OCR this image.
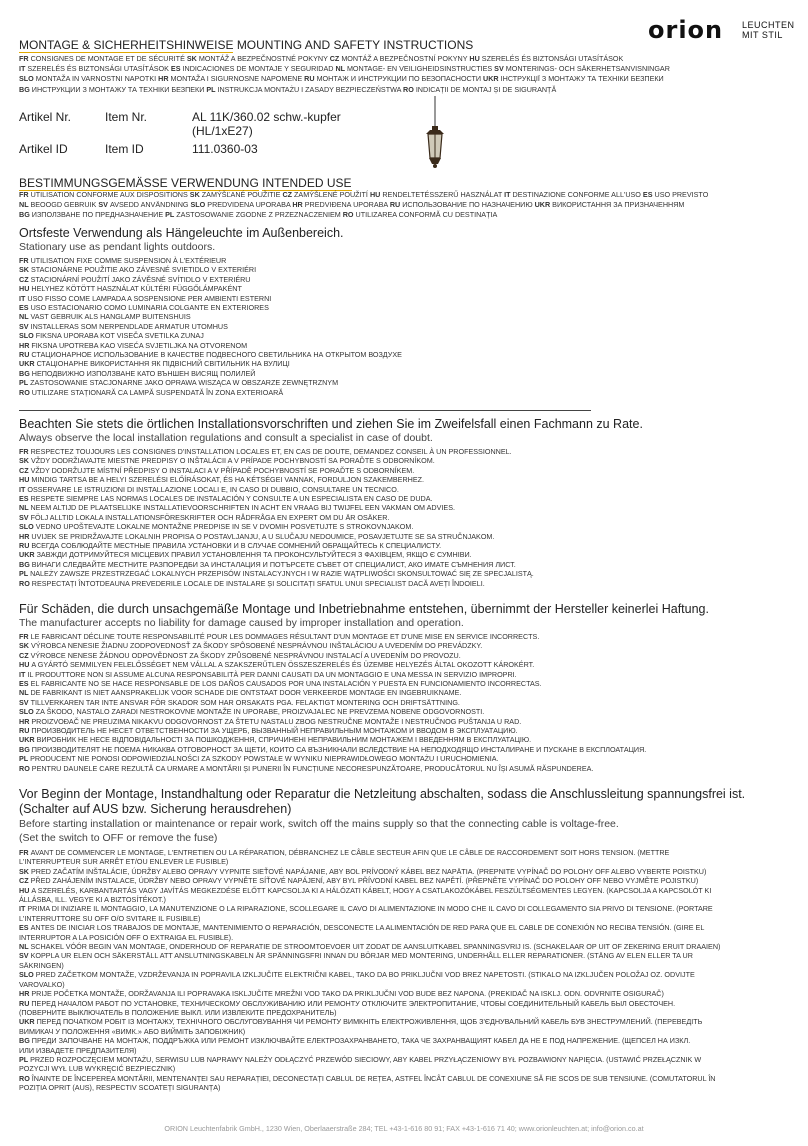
orion LEUCHTEN
MIT STIL
MONTAGE & SICHERHEITSHINWEISE MOUNTING AND SAFETY INSTRUCTIONS
FR CONSIGNES DE MONTAGE ET DE SÉCURITÉ SK MONTÁŽ A BEZPEČNOSTNÉ POKYNY CZ MONTÁŽ A BEZPEČNOSTNÍ POKYNY HU SZERELÉS ÉS BIZTONSÁGI UTASÍTÁSOK
IT SZERELÉS ÉS BIZTONSÁGI UTASÍTÁSOK ES INDICACIONES DE MONTAJE Y SEGURIDAD NL MONTAGE- EN VEILIGHEIDSINSTRUCTIES SV MONTERINGS- OCH SÄKERHETSANVISNINGAR
SLO MONTAŽA IN VARNOSTNI NAPOTKI HR MONTAŽA I SIGURNOSNE NAPOMENE RU МОНТАЖ И ИНСТРУКЦИИ ПО БЕЗОПАСНОСТИ UKR ІНСТРУКЦІЇ З МОНТАЖУ ТА ТЕХНІКИ БЕЗПЕКИ
BG ИНСТРУКЦИИ З МОНТАЖУ ТА ТЕХНІКИ БЕЗПЕКИ PL INSTRUKCJA MONTAŻU I ZASADY BEZPIECZEŃSTWA RO INDICAȚII DE MONTAJ ȘI DE SIGURANȚĂ
Artikel Nr.	Item Nr.	AL 11K/360.02 schw.-kupfer
(HL/1xE27)
Artikel ID	Item ID	111.0360-03
BESTIMMUNGSGEMÄSSE VERWENDUNG INTENDED USE
FR UTILISATION CONFORME AUX DISPOSITIONS SK ZAMÝŠĽANÉ POUŽITIE CZ ZAMÝŠLENÉ POUŽITÍ HU RENDELTETÉSSZERŰ HASZNÁLAT IT DESTINAZIONE CONFORME ALL'USO ES USO PREVISTO
NL BEOOGD GEBRUIK SV AVSEDD ANVÄNDNING SLO PREDVIDENA UPORABA HR PREDVIĐENA UPORABA RU ИСПОЛЬЗОВАНИЕ ПО НАЗНАЧЕНИЮ UKR ВИКОРИСТАННЯ ЗА ПРИЗНАЧЕННЯМ
BG ИЗПОЛЗВАНЕ ПО ПРЕДНАЗНАЧЕНИЕ PL ZASTOSOWANIE ZGODNE Z PRZEZNACZENIEM RO UTILIZAREA CONFORMĂ CU DESTINAȚIA
Ortsfeste Verwendung als Hängeleuchte im Außenbereich.
Stationary use as pendant lights outdoors.
FR UTILISATION FIXE COMME SUSPENSION À L'EXTÉRIEUR
SK STACIONÁRNE POUŽITIE AKO ZÁVESNÉ SVIETIDLO V EXTERIÉRI
CZ STACIONÁRNÍ POUŽITÍ JAKO ZÁVĚSNÉ SVÍTIDLO V EXTERIÉRU
HU HELYHEZ KÖTÖTT HASZNÁLAT KÜLTÉRI FÜGGŐLÁMPAKÉNT
IT USO FISSO COME LAMPADA A SOSPENSIONE PER AMBIENTI ESTERNI
ES USO ESTACIONARIO COMO LUMINARIA COLGANTE EN EXTERIORES
NL VAST GEBRUIK ALS HANGLAMP BUITENSHUIS
SV INSTALLERAS SOM NERPENDLADE ARMATUR UTOMHUS
SLO FIKSNA UPORABA KOT VISEČA SVETILKA ZUNAJ
HR FIKSNA UPOTREBA KAO VISEĆA SVJETILJKA NA OTVORENOM
RU СТАЦИОНАРНОЕ ИСПОЛЬЗОВАНИЕ В КАЧЕСТВЕ ПОДВЕСНОГО СВЕТИЛЬНИКА НА ОТКРЫТОМ ВОЗДУХЕ
UKR СТАЦІОНАРНЕ ВИКОРИСТАННЯ ЯК ПІДВІСНИЙ СВІТИЛЬНИК НА ВУЛИЦІ
BG НЕПОДВИЖНО ИЗПОЛЗВАНЕ КАТО ВЪНШЕН ВИСЯЩ ПОЛИЛЕЙ
PL ZASTOSOWANIE STACJONARNE JAKO OPRAWA WISZĄCA W OBSZARZE ZEWNĘTRZNYM
RO UTILIZARE STAȚIONARĂ CA LAMPĂ SUSPENDATĂ ÎN ZONA EXTERIOARĂ
Beachten Sie stets die örtlichen Installationsvorschriften und ziehen Sie im Zweifelsfall einen Fachmann zu Rate.
Always observe the local installation regulations and consult a specialist in case of doubt.
FR RESPECTEZ TOUJOURS LES CONSIGNES D'INSTALLATION LOCALES ET, EN CAS DE DOUTE, DEMANDEZ CONSEIL À UN PROFESSIONNEL.
SK VŽDY DODRŽIAVAJTE MIESTNE PREDPISY O INŠTALÁCII A V PRÍPADE POCHYBNOSTÍ SA PORAĎTE S ODBORNÍKOM.
CZ VŽDY DODRŽUJTE MÍSTNÍ PŘEDPISY O INSTALACI A V PŘÍPADĚ POCHYBNOSTÍ SE PORAĎTE S ODBORNÍKEM.
HU MINDIG TARTSA BE A HELYI SZERELÉSI ELŐÍRÁSOKAT, ÉS HA KÉTSÉGEI VANNAK, FORDULJON SZAKEMBERHEZ.
IT OSSERVARE LE ISTRUZIONI DI INSTALLAZIONE LOCALI E, IN CASO DI DUBBIO, CONSULTARE UN TECNICO.
ES RESPETE SIEMPRE LAS NORMAS LOCALES DE INSTALACIÓN Y CONSULTE A UN ESPECIALISTA EN CASO DE DUDA.
NL NEEM ALTIJD DE PLAATSELIJKE INSTALLATIEVOORSCHRIFTEN IN ACHT EN VRAAG BIJ TWIJFEL EEN VAKMAN OM ADVIES.
SV FÖLJ ALLTID LOKALA INSTALLATIONSFÖRESKRIFTER OCH RÅDFRÅGA EN EXPERT OM DU ÄR OSÄKER.
SLO VEDNO UPOŠTEVAJTE LOKALNE MONTAŽNE PREDPISE IN SE V DVOMIH POSVETUJTE S STROKOVNJAKOM.
HR UVIJEK SE PRIDRŽAVAJTE LOKALNIH PROPISA O POSTAVLJANJU, A U SLUČAJU NEDOUMICE, POSAVJETUJTE SE SA STRUČNJAKOM.
RU ВСЕГДА СОБЛЮДАЙТЕ МЕСТНЫЕ ПРАВИЛА УСТАНОВКИ И В СЛУЧАЕ СОМНЕНИЙ ОБРАЩАЙТЕСЬ К СПЕЦИАЛИСТУ.
UKR ЗАВЖДИ ДОТРИМУЙТЕСЯ МІСЦЕВИХ ПРАВИЛ УСТАНОВЛЕННЯ ТА ПРОКОНСУЛЬТУЙТЕСЯ З ФАХІВЦЕМ, ЯКЩО Є СУМНІВИ.
BG ВИНАГИ СЛЕДВАЙТЕ МЕСТНИТЕ РАЗПОРЕДБИ ЗА ИНСТАЛАЦИЯ И ПОТЪРСЕТЕ СЪВЕТ ОТ СПЕЦИАЛИСТ, АКО ИМАТЕ СЪМНЕНИЯ ЛИСТ.
PL NALEŻY ZAWSZE PRZESTRZEGAĆ LOKALNYCH PRZEPISÓW INSTALACYJNYCH I W RAZIE WĄTPLIWOŚCI SKONSULTOWAĆ SIĘ ZE SPECJALISTĄ.
RO RESPECTAȚI ÎNTOTDEAUNA PREVEDERILE LOCALE DE INSTALARE ȘI SOLICITAȚI SFATUL UNUI SPECIALIST DACĂ AVEȚI ÎNDOIELI.
Für Schäden, die durch unsachgemäße Montage und Inbetriebnahme entstehen, übernimmt der Hersteller keinerlei Haftung.
The manufacturer accepts no liability for damage caused by improper installation and operation.
FR LE FABRICANT DÉCLINE TOUTE RESPONSABILITÉ POUR LES DOMMAGES RÉSULTANT D'UN MONTAGE ET D'UNE MISE EN SERVICE INCORRECTS.
SK VÝROBCA NENESIE ŽIADNU ZODPOVEDNOSŤ ZA ŠKODY SPÔSOBENÉ NESPRÁVNOU INŠTALÁCIOU A UVEDENÍM DO PREVÁDZKY.
CZ VÝROBCE NENESE ŽÁDNOU ODPOVĚDNOST ZA ŠKODY ZPŮSOBENÉ NESPRÁVNOU INSTALACÍ A UVEDENÍM DO PROVOZU.
HU A GYÁRTÓ SEMMILYEN FELELŐSSÉGET NEM VÁLLAL A SZAKSZERŰTLEN ÖSSZESZERELÉS ÉS ÜZEMBE HELYEZÉS ÁLTAL OKOZOTT KÁROKÉRT.
IT IL PRODUTTORE NON SI ASSUME ALCUNA RESPONSABILITÀ PER DANNI CAUSATI DA UN MONTAGGIO E UNA MESSA IN SERVIZIO IMPROPRI.
ES EL FABRICANTE NO SE HACE RESPONSABLE DE LOS DAÑOS CAUSADOS POR UNA INSTALACIÓN Y PUESTA EN FUNCIONAMIENTO INCORRECTAS.
NL DE FABRIKANT IS NIET AANSPRAKELIJK VOOR SCHADE DIE ONTSTAAT DOOR VERKEERDE MONTAGE EN INGEBRUIKNAME.
SV TILLVERKAREN TAR INTE ANSVAR FÖR SKADOR SOM HAR ORSAKATS PGA. FELAKTIGT MONTERING OCH DRIFTSÄTTNING.
SLO ZA ŠKODO, NASTALO ZARADI NESTROKOVNE MONTAŽE IN UPORABE, PROIZVAJALEC NE PREVZEMA NOBENE ODGOVORNOSTI.
HR PROIZVOĐAČ NE PREUZIMA NIKAKVU ODGOVORNOST ZA ŠTETU NASTALU ZBOG NESTRUČNE MONTAŽE I NESTRUČNOG PUŠTANJA U RAD.
RU ПРОИЗВОДИТЕЛЬ НЕ НЕСЕТ ОТВЕТСТВЕННОСТИ ЗА УЩЕРБ, ВЫЗВАННЫЙ НЕПРАВИЛЬНЫМ МОНТАЖОМ И ВВОДОМ В ЭКСПЛУАТАЦИЮ.
UKR ВИРОБНИК НЕ НЕСЕ ВІДПОВІДАЛЬНОСТІ ЗА ПОШКОДЖЕННЯ, СПРИЧИНЕНІ НЕПРАВИЛЬНИМ МОНТАЖЕМ І ВВЕДЕННЯМ В ЕКСПЛУАТАЦІЮ.
BG ПРОИЗВОДИТЕЛЯТ НЕ ПОЕМА НИКАКВА ОТГОВОРНОСТ ЗА ЩЕТИ, КОИТО СА ВЪЗНИКНАЛИ ВСЛЕДСТВИЕ НА НЕПОДХОДЯЩО ИНСТАЛИРАНЕ И ПУСКАНЕ В ЕКСПЛОАТАЦИЯ.
PL PRODUCENT NIE PONOSI ODPOWIEDZIALNOŚCI ZA SZKODY POWSTAŁE W WYNIKU NIEPRAWIDŁOWEGO MONTAŻU I URUCHOMIENIA.
RO PENTRU DAUNELE CARE REZULTĂ CA URMARE A MONTĂRII ȘI PUNERII ÎN FUNCȚIUNE NECORESPUNZĂTOARE, PRODUCĂTORUL NU ÎȘI ASUMĂ RĂSPUNDEREA.
Vor Beginn der Montage, Instandhaltung oder Reparatur die Netzleitung abschalten, sodass die Anschlussleitung spannungsfrei ist.
(Schalter auf AUS bzw. Sicherung herausdrehen)
Before starting installation or maintenance or repair work, switch off the mains supply so that the connecting cable is voltage-free.
(Set the switch to OFF or remove the fuse)
FR AVANT DE COMMENCER LE MONTAGE, L'ENTRETIEN OU LA RÉPARATION, DÉBRANCHEZ LE CÂBLE SECTEUR AFIN QUE LE CÂBLE DE RACCORDEMENT SOIT HORS TENSION. (METTRE
L'INTERRUPTEUR SUR ARRÊT ET/OU ENLEVER LE FUSIBLE)
SK PRED ZAČATÍM INŠTALÁCIE, ÚDRŽBY ALEBO OPRAVY VYPNITE SIEŤOVÉ NAPÁJANIE, ABY BOL PRÍVODNÝ KÁBEL BEZ NAPÄTIA. (PREPNITE VYPÍNAČ DO POLOHY OFF ALEBO VYBERTE POISTKU)
CZ PŘED ZAHÁJENÍM INSTALACE, ÚDRŽBY NEBO OPRAVY VYPNĚTE SÍŤOVÉ NAPÁJENÍ, ABY BYL PŘÍVODNÍ KABEL BEZ NAPĚTÍ. (PŘEPNĚTE VYPÍNAČ DO POLOHY OFF NEBO VYJMĚTE POJISTKU)
HU A SZERELÉS, KARBANTARTÁS VAGY JAVÍTÁS MEGKEZDÉSE ELŐTT KAPCSOLJA KI A HÁLÓZATI KÁBELT, HOGY A CSATLAKOZÓKÁBEL FESZÜLTSÉGMENTES LEGYEN. (KAPCSOLJA A KAPCSOLÓT KI
ÁLLÁSBA, ILL. VEGYE KI A BIZTOSÍTÉKOT.)
IT PRIMA DI INIZIARE IL MONTAGGIO, LA MANUTENZIONE O LA RIPARAZIONE, SCOLLEGARE IL CAVO DI ALIMENTAZIONE IN MODO CHE IL CAVO DI COLLEGAMENTO SIA PRIVO DI TENSIONE. (PORTARE
L'INTERRUTTORE SU OFF O/O SVITARE IL FUSIBILE)
ES ANTES DE INICIAR LOS TRABAJOS DE MONTAJE, MANTENIMIENTO O REPARACIÓN, DESCONECTE LA ALIMENTACIÓN DE RED PARA QUE EL CABLE DE CONEXIÓN NO RECIBA TENSIÓN. (GIRE EL
INTERRUPTOR A LA POSICIÓN OFF O EXTRAIGA EL FUSIBLE).
NL SCHAKEL VÓÓR BEGIN VAN MONTAGE, ONDERHOUD OF REPARATIE DE STROOMTOEVOER UIT ZODAT DE AANSLUITKABEL SPANNINGSVRIJ IS. (SCHAKELAAR OP UIT OF ZEKERING ERUIT DRAAIEN)
SV KOPPLA UR ELEN OCH SÄKERSTÄLL ATT ANSLUTNINGSKABELN ÄR SPÄNNINGSFRI INNAN DU BÖRJAR MED MONTERING, UNDERHÅLL ELLER REPARATIONER. (STÄNG AV ELEN ELLER TA UR
SÄKRINGEN)
SLO PRED ZAČETKOM MONTAŽE, VZDRŽEVANJA IN POPRAVILA IZKLJUČITE ELEKTRIČNI KABEL, TAKO DA BO PRIKLJUČNI VOD BREZ NAPETOSTI. (STIKALO NA IZKLJUČEN POLOŽAJ OZ. ODVIJTE
VAROVALKO)
HR PRIJE POČETKA MONTAŽE, ODRŽAVANJA ILI POPRAVAKA ISKLJUČITE MREŽNI VOD TAKO DA PRIKLJUČNI VOD BUDE BEZ NAPONA. (PREKIDAČ NA ISKLJ. ODN. ODVRNITE OSIGURAČ)
RU ПЕРЕД НАЧАЛОМ РАБОТ ПО УСТАНОВКЕ, ТЕХНИЧЕСКОМУ ОБСЛУЖИВАНИЮ ИЛИ РЕМОНТУ ОТКЛЮЧИТЕ ЭЛЕКТРОПИТАНИЕ, ЧТОБЫ СОЕДИНИТЕЛЬНЫЙ КАБЕЛЬ БЫЛ ОБЕСТОЧЕН.
(ПОВЕРНИТЕ ВЫКЛЮЧАТЕЛЬ В ПОЛОЖЕНИЕ ВЫКЛ. ИЛИ ИЗВЛЕКИТЕ ПРЕДОХРАНИТЕЛЬ)
UKR ПЕРЕД ПОЧАТКОМ РОБІТ ІЗ МОНТАЖУ, ТЕХНІЧНОГО ОБСЛУГОВУВАННЯ ЧИ РЕМОНТУ ВИМКНІТЬ ЕЛЕКТРОЖИВЛЕННЯ, ЩОБ З'ЄДНУВАЛЬНИЙ КАБЕЛЬ БУВ ЗНЕСТРУМЛЕНИЙ. (ПЕРЕВЕДІТЬ
ВИМИКАЧ У ПОЛОЖЕННЯ «ВИМК.» АБО ВИЙМІТЬ ЗАПОБІЖНИК)
BG ПРЕДИ ЗАПОЧВАНЕ НА МОНТАЖ, ПОДДРЪЖКА ИЛИ РЕМОНТ ИЗКЛЮЧВАЙТЕ ЕЛЕКТРОЗАХРАНВАНЕТО, ТАКА ЧЕ ЗАХРАНВАЩИЯТ КАБЕЛ ДА НЕ Е ПОД НАПРЕЖЕНИЕ. (ЩЕПСЕЛ НА ИЗКЛ.
ИЛИ ИЗВАДЕТЕ ПРЕДПАЗИТЕЛЯ)
PL PRZED ROZPOCZĘCIEM MONTAŻU, SERWISU LUB NAPRAWY NALEŻY ODŁĄCZYĆ PRZEWÓD SIECIOWY, ABY KABEL PRZYŁĄCZENIOWY BYŁ POZBAWIONY NAPIĘCIA. (USTAWIĆ PRZEŁĄCZNIK W
POZYCJI WYŁ LUB WYKRĘCIĆ BEZPIECZNIK)
RO ÎNAINTE DE ÎNCEPEREA MONTĂRII, MENTENANȚEI SAU REPARAȚIEI, DECONECTAȚI CABLUL DE REȚEA, ASTFEL ÎNCÂT CABLUL DE CONEXIUNE SĂ FIE SCOS DE SUB TENSIUNE. (COMUTATORUL ÎN
POZIȚIA OPRIT (AUS), RESPECTIV SCOATEȚI SIGURANȚA)
ORION Leuchtenfabrik GmbH., 1230 Wien, Oberlaaerstraße 284; TEL +43-1-616 80 91; FAX +43-1-616 71 40; www.orionleuchten.at; info@orion.co.at
